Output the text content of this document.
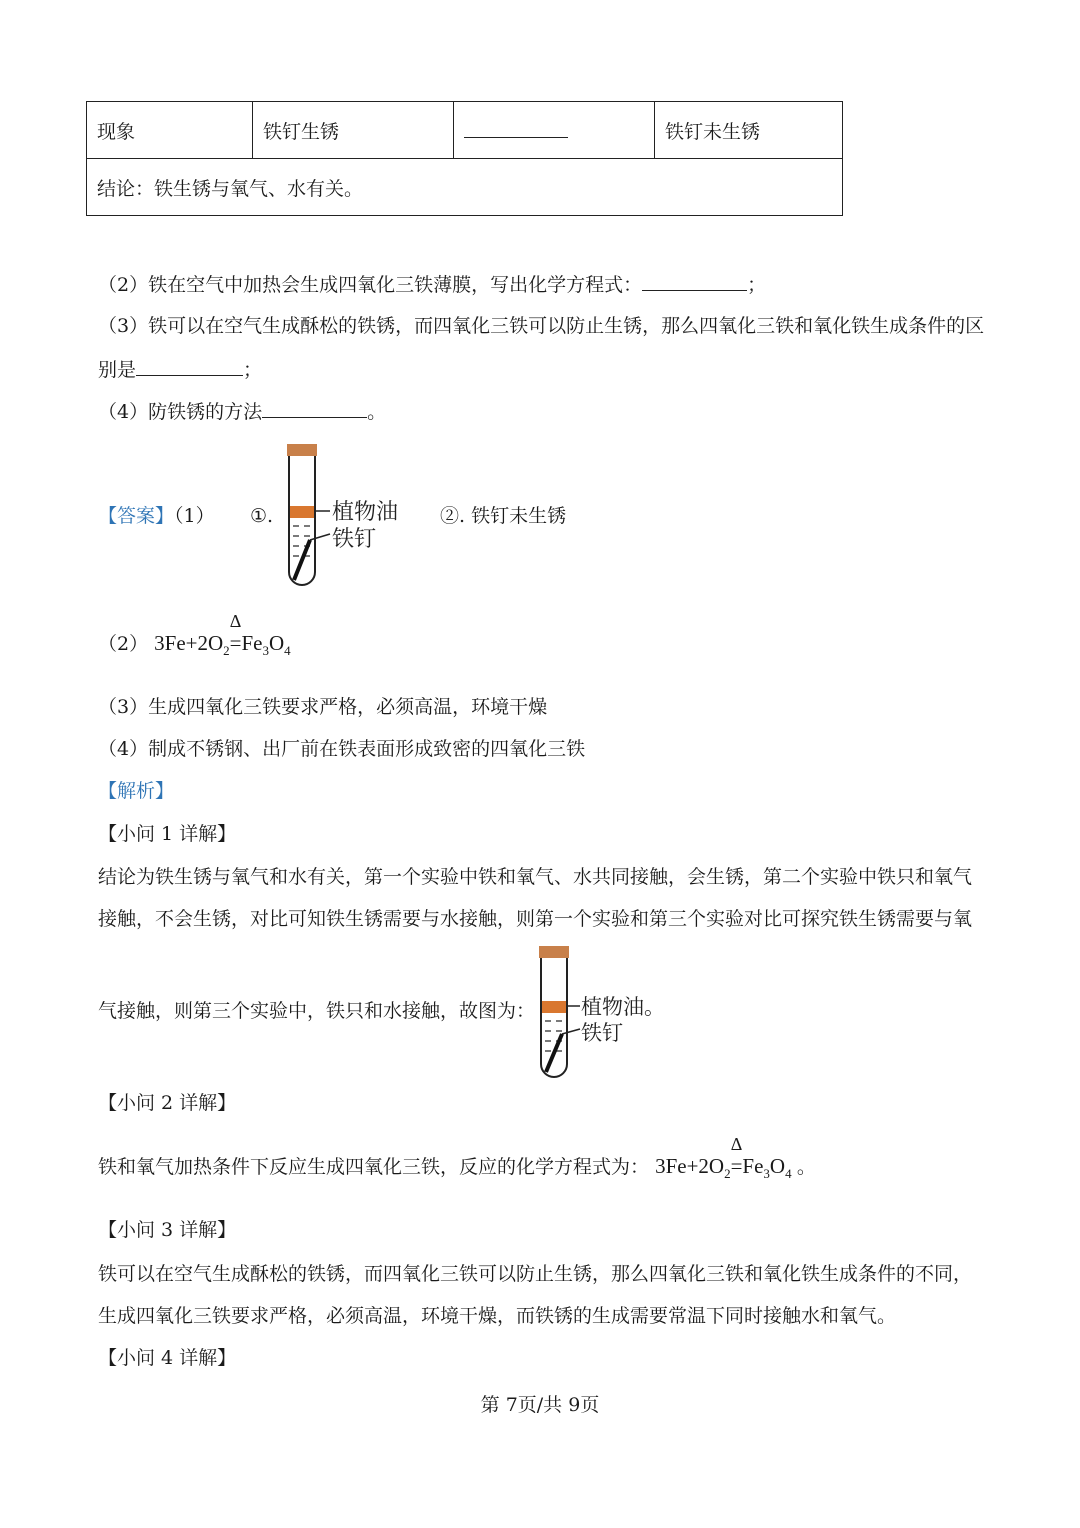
现象	铁钉生锈		铁钉未生锈
结论：铁生锈与氧气、水有关。
（2）铁在空气中加热会生成四氧化三铁薄膜，写出化学方程式：	；
（3）铁可以在空气生成酥松的铁锈，而四氧化三铁可以防止生锈，那么四氧化三铁和氧化铁生成条件的区
别是	；
（4）防铁锈的方法	。
【答案】（1） ①.	②. 铁钉未生锈
植物油
铁钉
（2） $3Fe+2O_2$
Δ
$=Fe_3O_4$
（3）生成四氧化三铁要求严格，必须高温，环境干燥
（4）制成不锈钢、出厂前在铁表面形成致密的四氧化三铁
【解析】
【小问 1 详解】
结论为铁生锈与氧气和水有关，第一个实验中铁和氧气、水共同接触，会生锈，第二个实验中铁只和氧气
接触，不会生锈，对比可知铁生锈需要与水接触，则第一个实验和第三个实验对比可探究铁生锈需要与氧
气接触，则第三个实验中，铁只和水接触，故图为： 植物油。
铁钉
【小问 2 详解】
铁和氧气加热条件下反应生成四氧化三铁，反应的化学方程式为： $3Fe+2O_2$
Δ
$=Fe_3O_4$ 。
【小问 3 详解】
铁可以在空气生成酥松的铁锈，而四氧化三铁可以防止生锈，那么四氧化三铁和氧化铁生成条件的不同，
生成四氧化三铁要求严格，必须高温，环境干燥，而铁锈的生成需要常温下同时接触水和氧气。
【小问 4 详解】
第 7页/共 9页
